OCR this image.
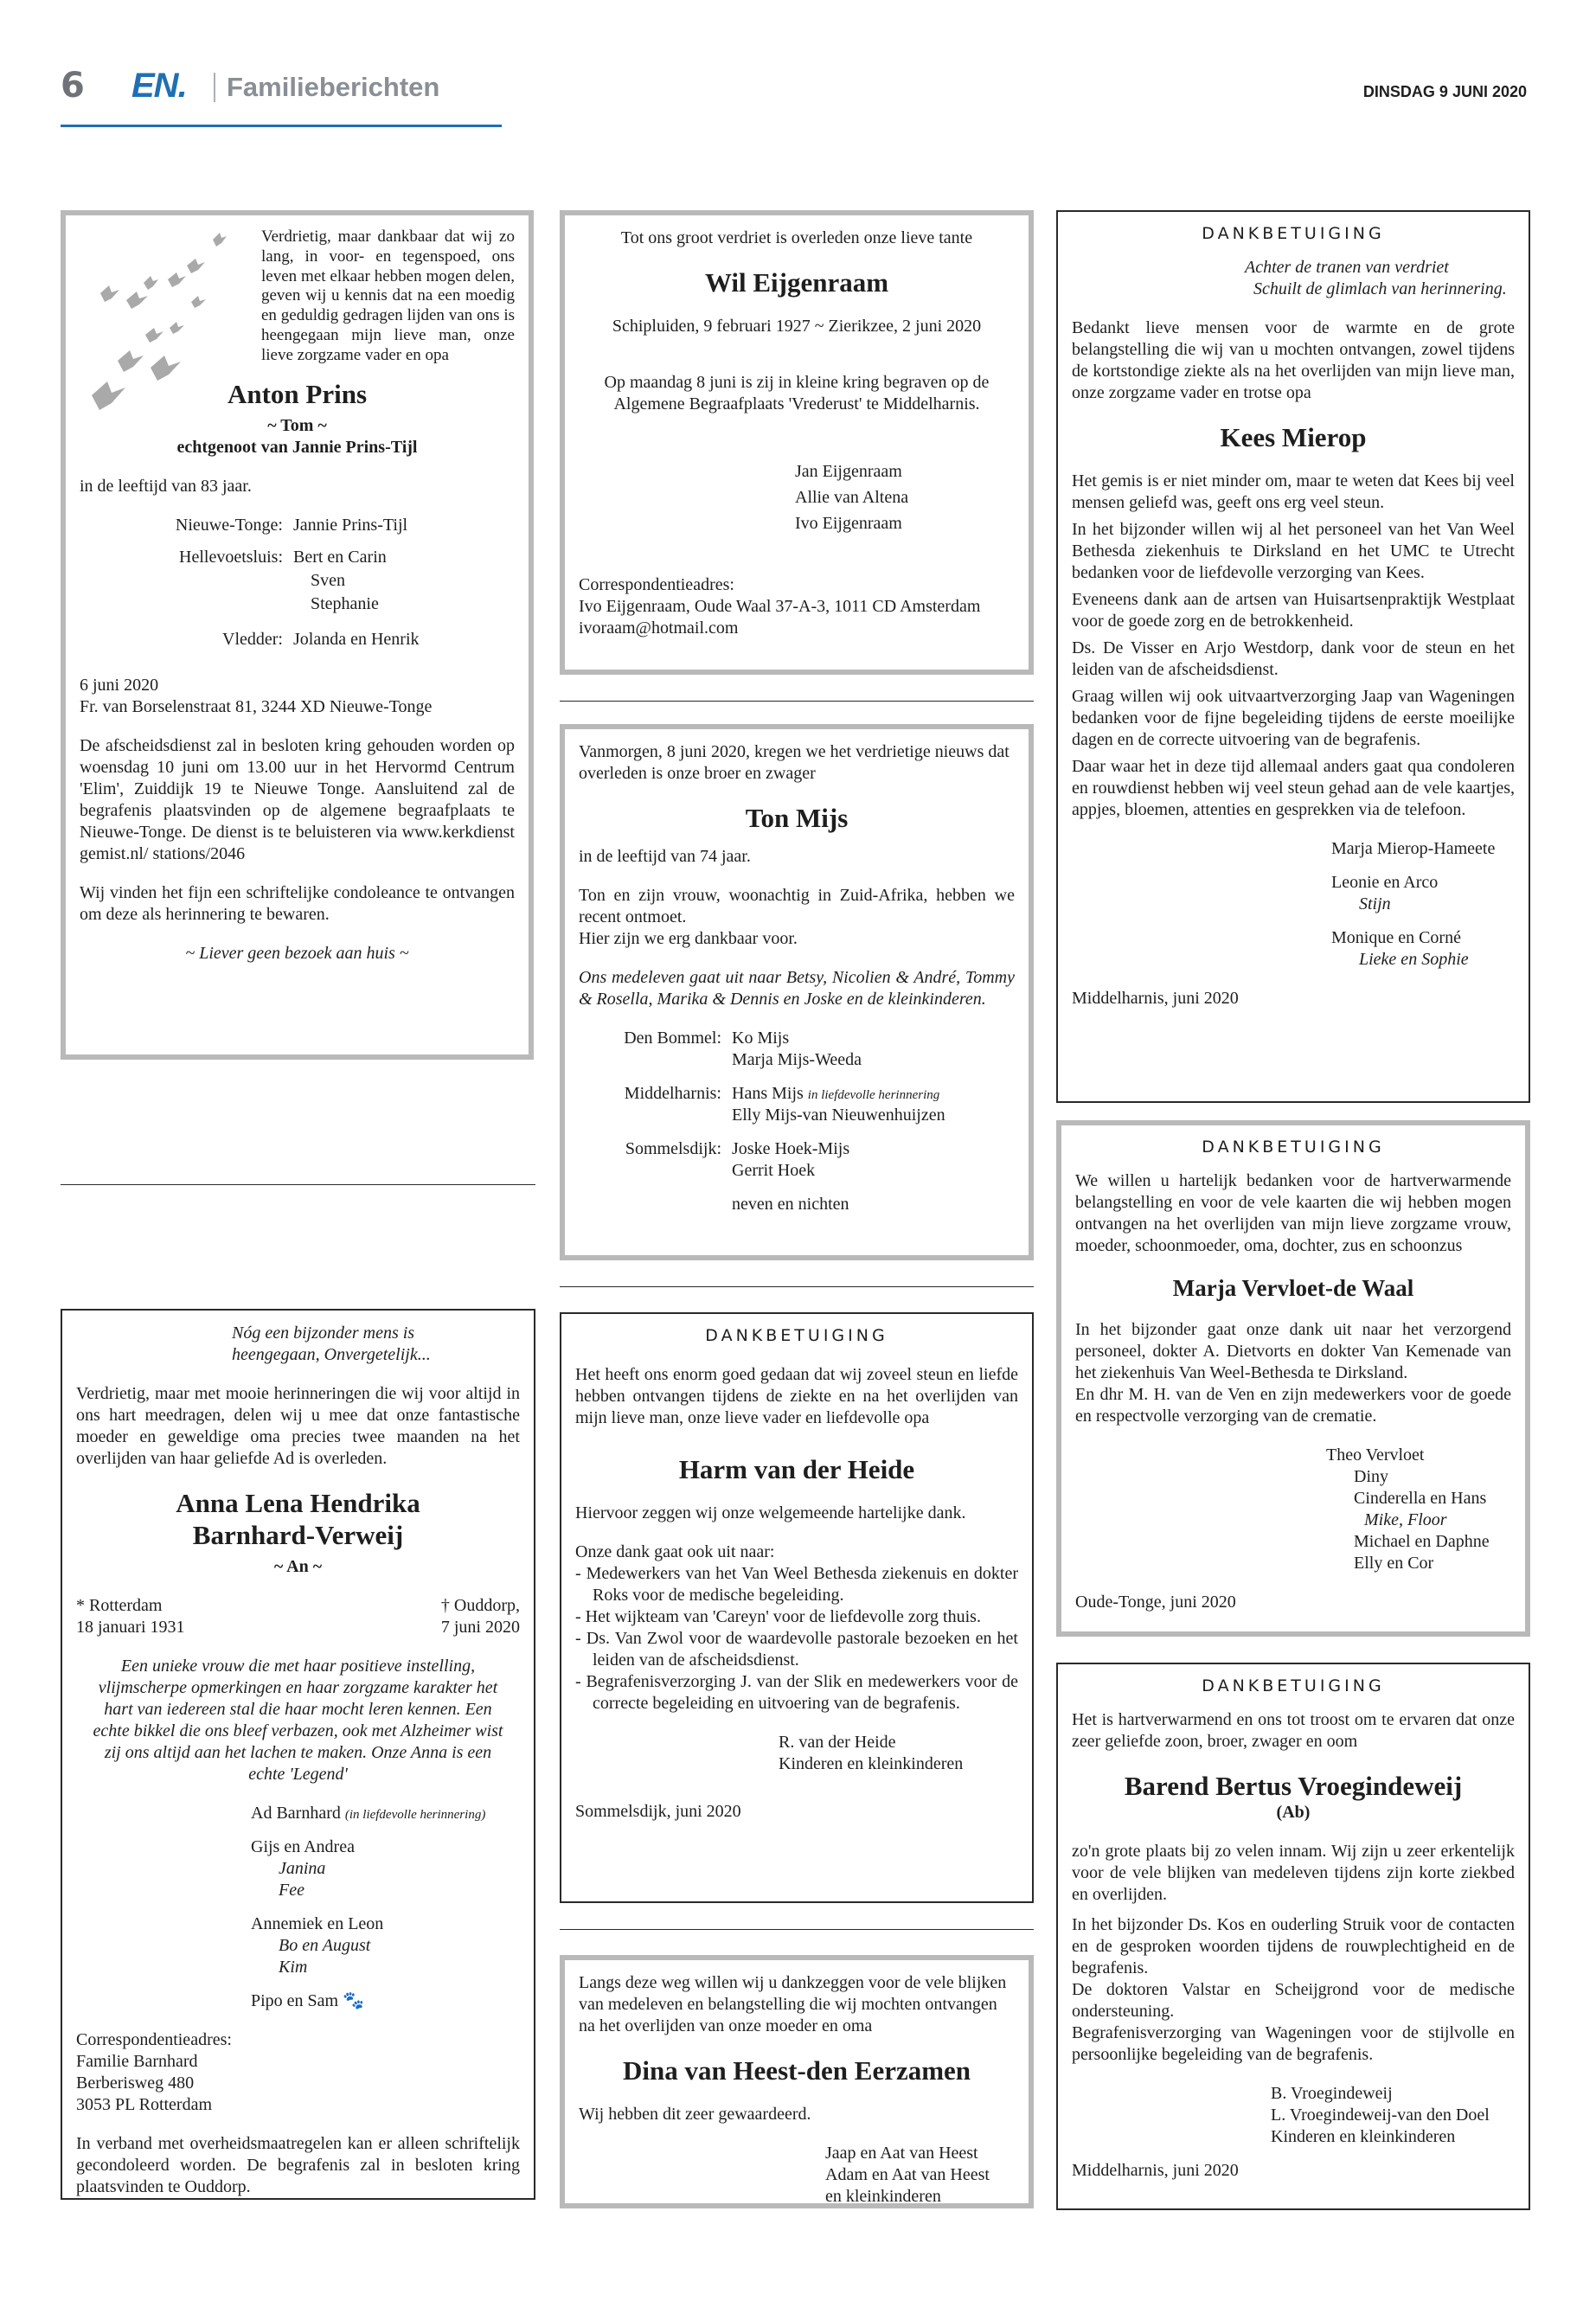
6 EN. Familieberichten	DINSDAG 9 JUNI 2020

Verdrietig, maar dankbaar dat wij zo lang, in voor- en tegenspoed, ons leven met elkaar hebben mogen delen, geven wij u kennis dat na een moedig en geduldig gedragen lijden van ons is heengegaan mijn lieve man, onze lieve zorgzame vader en opa

Anton Prins

~ Tom ~

echtgenoot van Jannie Prins-Tijl

in de leeftijd van 83 jaar.

Nieuwe-Tonge: Jannie Prins-Tijl
Hellevoetsluis: Bert en Carin
Sven
Stephanie
Vledder: Jolanda en Henrik

6 juni 2020

Fr. van Borselenstraat 81, 3244 XD Nieuwe-Tonge

De afscheidsdienst zal in besloten kring gehouden worden op woensdag 10 juni om 13.00 uur in het Hervormd Centrum 'Elim', Zuiddijk 19 te Nieuwe Tonge. Aansluitend zal de begrafenis plaatsvinden op de algemene begraafplaats te Nieuwe-Tonge. De dienst is te beluisteren via www.kerkdienst gemist.nl/ stations/2046

Wij vinden het fijn een schriftelijke condoleance te ontvangen om deze als herinnering te bewaren.

~ Liever geen bezoek aan huis ~

Nóg een bijzonder mens is heengegaan, Onvergetelijk...

Verdrietig, maar met mooie herinneringen die wij voor altijd in ons hart meedragen, delen wij u mee dat onze fantastische moeder en geweldige oma precies twee maanden na het overlijden van haar geliefde Ad is overleden.

Anna Lena Hendrika

Barnhard-Verweij

~ An ~

* Rotterdam

18 januari 1931

† Ouddorp,

7 juni 2020

Een unieke vrouw die met haar positieve instelling, vlijmscherpe opmerkingen en haar zorgzame karakter het hart van iedereen stal die haar mocht leren kennen. Een echte bikkel die ons bleef verbazen, ook met Alzheimer wist zij ons altijd aan het lachen te maken. Onze Anna is een echte 'Legend'

Ad Barnhard (in liefdevolle herinnering)

Gijs en Andrea

Janina

Fee

Annemiek en Leon

Bo en August

Kim

Pipo en Sam 🐾

Correspondentieadres:

Familie Barnhard

Berberisweg 480

3053 PL Rotterdam

In verband met overheidsmaatregelen kan er alleen schriftelijk gecondoleerd worden. De begrafenis zal in besloten kring plaatsvinden te Ouddorp.

Tot ons groot verdriet is overleden onze lieve tante

Wil Eijgenraam

Schipluiden, 9 februari 1927 ~ Zierikzee, 2 juni 2020

Op maandag 8 juni is zij in kleine kring begraven op de Algemene Begraafplaats 'Vrederust' te Middelharnis.

Jan Eijgenraam

Allie van Altena

Ivo Eijgenraam

Correspondentieadres:

Ivo Eijgenraam, Oude Waal 37-A-3, 1011 CD Amsterdam

ivoraam@hotmail.com

Vanmorgen, 8 juni 2020, kregen we het verdrietige nieuws dat overleden is onze broer en zwager

Ton Mijs

in de leeftijd van 74 jaar.

Ton en zijn vrouw, woonachtig in Zuid-Afrika, hebben we recent ontmoet.

Hier zijn we erg dankbaar voor.

Ons medeleven gaat uit naar Betsy, Nicolien & André, Tommy & Rosella, Marika & Dennis en Joske en de kleinkinderen.

Den Bommel: Ko Mijs
Marja Mijs-Weeda
Middelharnis: Hans Mijs in liefdevolle herinnering
Elly Mijs-van Nieuwenhuijzen
Sommelsdijk: Joske Hoek-Mijs
Gerrit Hoek
neven en nichten

DANKBETUIGING

Het heeft ons enorm goed gedaan dat wij zoveel steun en liefde hebben ontvangen tijdens de ziekte en na het overlijden van mijn lieve man, onze lieve vader en liefdevolle opa

Harm van der Heide

Hiervoor zeggen wij onze welgemeende hartelijke dank.

Onze dank gaat ook uit naar:

- Medewerkers van het Van Weel Bethesda ziekenuis en dokter Roks voor de medische begeleiding.
- Het wijkteam van 'Careyn' voor de liefdevolle zorg thuis.
- Ds. Van Zwol voor de waardevolle pastorale bezoeken en het leiden van de afscheidsdienst.
- Begrafenisverzorging J. van der Slik en medewerkers voor de correcte begeleiding en uitvoering van de begrafenis.

R. van der Heide

Kinderen en kleinkinderen

Sommelsdijk, juni 2020

Langs deze weg willen wij u dankzeggen voor de vele blijken van medeleven en belangstelling die wij mochten ontvangen na het overlijden van onze moeder en oma

Dina van Heest-den Eerzamen

Wij hebben dit zeer gewaardeerd.

Jaap en Aat van Heest

Adam en Aat van Heest

en kleinkinderen

DANKBETUIGING

Achter de tranen van verdriet

Schuilt de glimlach van herinnering.

Bedankt lieve mensen voor de warmte en de grote belangstelling die wij van u mochten ontvangen, zowel tijdens de kortstondige ziekte als na het overlijden van mijn lieve man, onze zorgzame vader en trotse opa

Kees Mierop

Het gemis is er niet minder om, maar te weten dat Kees bij veel mensen geliefd was, geeft ons erg veel steun.

In het bijzonder willen wij al het personeel van het Van Weel Bethesda ziekenhuis te Dirksland en het UMC te Utrecht bedanken voor de liefdevolle verzorging van Kees.

Eveneens dank aan de artsen van Huisartsenpraktijk Westplaat voor de goede zorg en de betrokkenheid.

Ds. De Visser en Arjo Westdorp, dank voor de steun en het leiden van de afscheidsdienst.

Graag willen wij ook uitvaartverzorging Jaap van Wageningen bedanken voor de fijne begeleiding tijdens de eerste moeilijke dagen en de correcte uitvoering van de begrafenis.

Daar waar het in deze tijd allemaal anders gaat qua condoleren en rouwdienst hebben wij veel steun gehad aan de vele kaartjes, appjes, bloemen, attenties en gesprekken via de telefoon.

Marja Mierop-Hameete

Leonie en Arco

Stijn

Monique en Corné

Lieke en Sophie

Middelharnis, juni 2020

DANKBETUIGING

We willen u hartelijk bedanken voor de hartverwarmende belangstelling en voor de vele kaarten die wij hebben mogen ontvangen na het overlijden van mijn lieve zorgzame vrouw, moeder, schoonmoeder, oma, dochter, zus en schoonzus

Marja Vervloet-de Waal

In het bijzonder gaat onze dank uit naar het verzorgend personeel, dokter A. Dietvorts en dokter Van Kemenade van het ziekenhuis Van Weel-Bethesda te Dirksland.

En dhr M. H. van de Ven en zijn medewerkers voor de goede en respectvolle verzorging van de crematie.

Theo Vervloet

Diny

Cinderella en Hans

Mike, Floor

Michael en Daphne

Elly en Cor

Oude-Tonge, juni 2020

DANKBETUIGING

Het is hartverwarmend en ons tot troost om te ervaren dat onze zeer geliefde zoon, broer, zwager en oom

Barend Bertus Vroegindeweij

(Ab)

zo'n grote plaats bij zo velen innam. Wij zijn u zeer erkentelijk voor de vele blijken van medeleven tijdens zijn korte ziekbed en overlijden.

In het bijzonder Ds. Kos en ouderling Struik voor de contacten en de gesproken woorden tijdens de rouwplechtigheid en de begrafenis.

De doktoren Valstar en Scheijgrond voor de medische ondersteuning.

Begrafenisverzorging van Wageningen voor de stijlvolle en persoonlijke begeleiding van de begrafenis.

B. Vroegindeweij

L. Vroegindeweij-van den Doel

Kinderen en kleinkinderen

Middelharnis, juni 2020
